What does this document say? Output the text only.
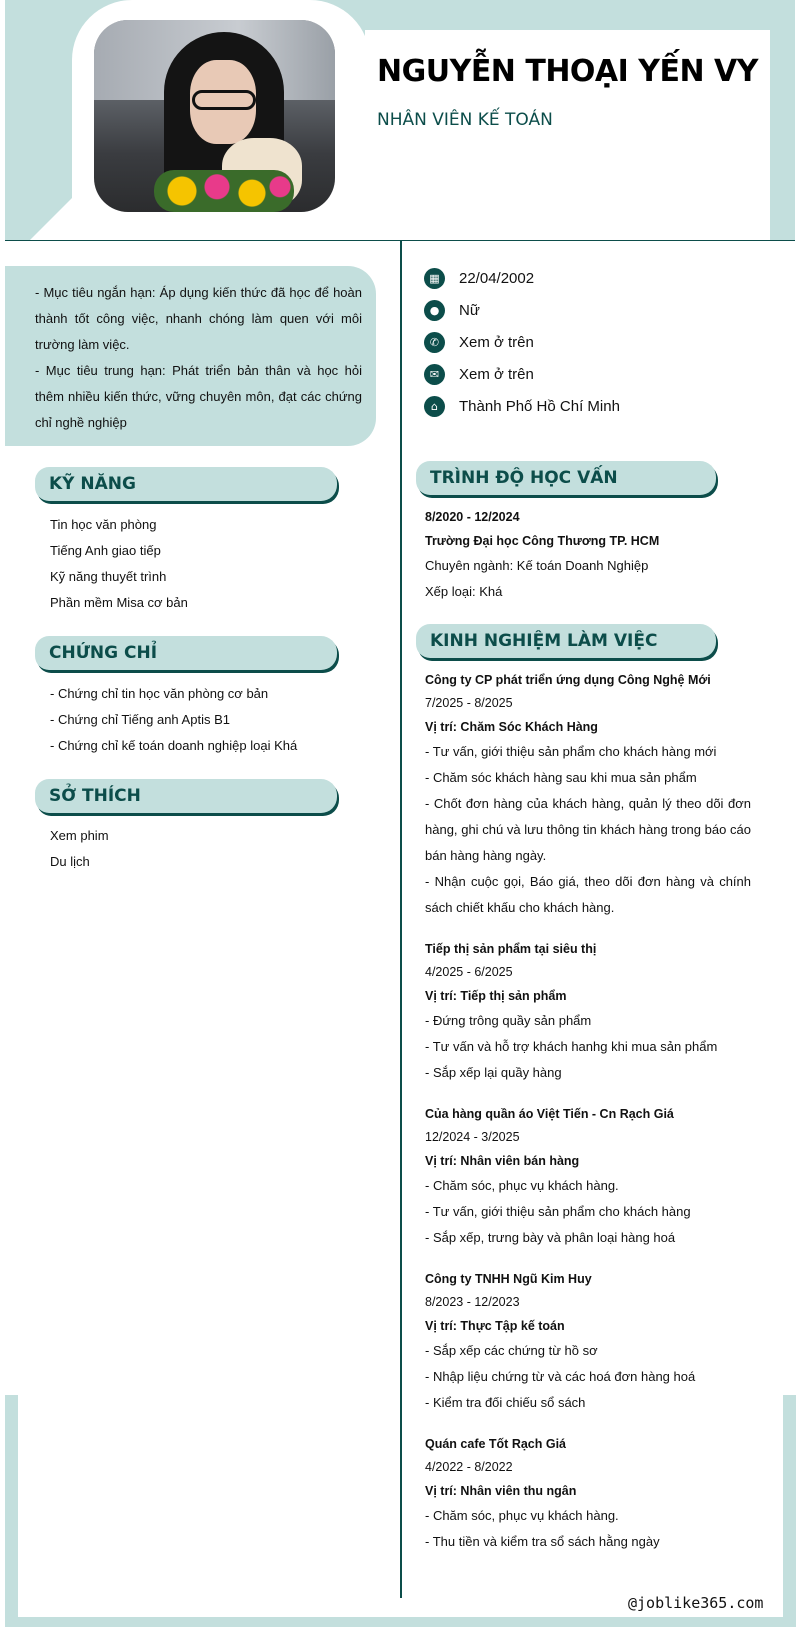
NGUYỄN THOẠI YẾN VY
NHÂN VIÊN KẾ TOÁN

- Mục tiêu ngắn hạn: Áp dụng kiến thức đã học để hoàn thành tốt công việc, nhanh chóng làm quen với môi trường làm việc.

- Mục tiêu trung hạn: Phát triển bản thân và học hỏi thêm nhiều kiến thức, vững chuyên môn, đạt các chứng chỉ nghề nghiệp

KỸ NĂNG
Tin học văn phòng
Tiếng Anh giao tiếp
Kỹ năng thuyết trình
Phần mềm Misa cơ bản
CHỨNG CHỈ
- Chứng chỉ tin học văn phòng cơ bản
- Chứng chỉ Tiếng anh Aptis B1
- Chứng chỉ kế toán doanh nghiệp loại Khá
SỞ THÍCH
Xem phim
Du lịch
▦	22/04/2002
●	Nữ
✆	Xem ở trên
✉	Xem ở trên
⌂	Thành Phố Hồ Chí Minh
TRÌNH ĐỘ HỌC VẤN
8/2020 - 12/2024
Trường Đại học Công Thương TP. HCM
Chuyên ngành: Kế toán Doanh Nghiệp
Xếp loại: Khá
KINH NGHIỆM LÀM VIỆC
Công ty CP phát triển ứng dụng Công Nghệ Mới
7/2025 - 8/2025
Vị trí: Chăm Sóc Khách Hàng
- Tư vấn, giới thiệu sản phẩm cho khách hàng mới
- Chăm sóc khách hàng sau khi mua sản phẩm
- Chốt đơn hàng của khách hàng, quản lý theo dõi đơn hàng, ghi chú và lưu thông tin khách hàng trong báo cáo bán hàng hàng ngày.
- Nhận cuộc gọi, Báo giá, theo dõi đơn hàng và chính sách chiết khấu cho khách hàng.
Tiếp thị sản phẩm tại siêu thị
4/2025 - 6/2025
Vị trí: Tiếp thị sản phẩm
- Đứng trông quầy sản phẩm
- Tư vấn và hỗ trợ khách hanhg khi mua sản phẩm
- Sắp xếp lại quầy hàng
Của hàng quần áo Việt Tiến - Cn Rạch Giá
12/2024 - 3/2025
Vị trí: Nhân viên bán hàng
- Chăm sóc, phục vụ khách hàng.
- Tư vấn, giới thiệu sản phẩm cho khách hàng
- Sắp xếp, trưng bày và phân loại hàng hoá
Công ty TNHH Ngũ Kim Huy
8/2023 - 12/2023
Vị trí: Thực Tập kế toán
- Sắp xếp các chứng từ hồ sơ
- Nhập liệu chứng từ và các hoá đơn hàng hoá
- Kiểm tra đối chiếu sổ sách
Quán cafe Tốt Rạch Giá
4/2022 - 8/2022
Vị trí: Nhân viên thu ngân
- Chăm sóc, phục vụ khách hàng.
- Thu tiền và kiểm tra sổ sách hằng ngày
@joblike365.com
